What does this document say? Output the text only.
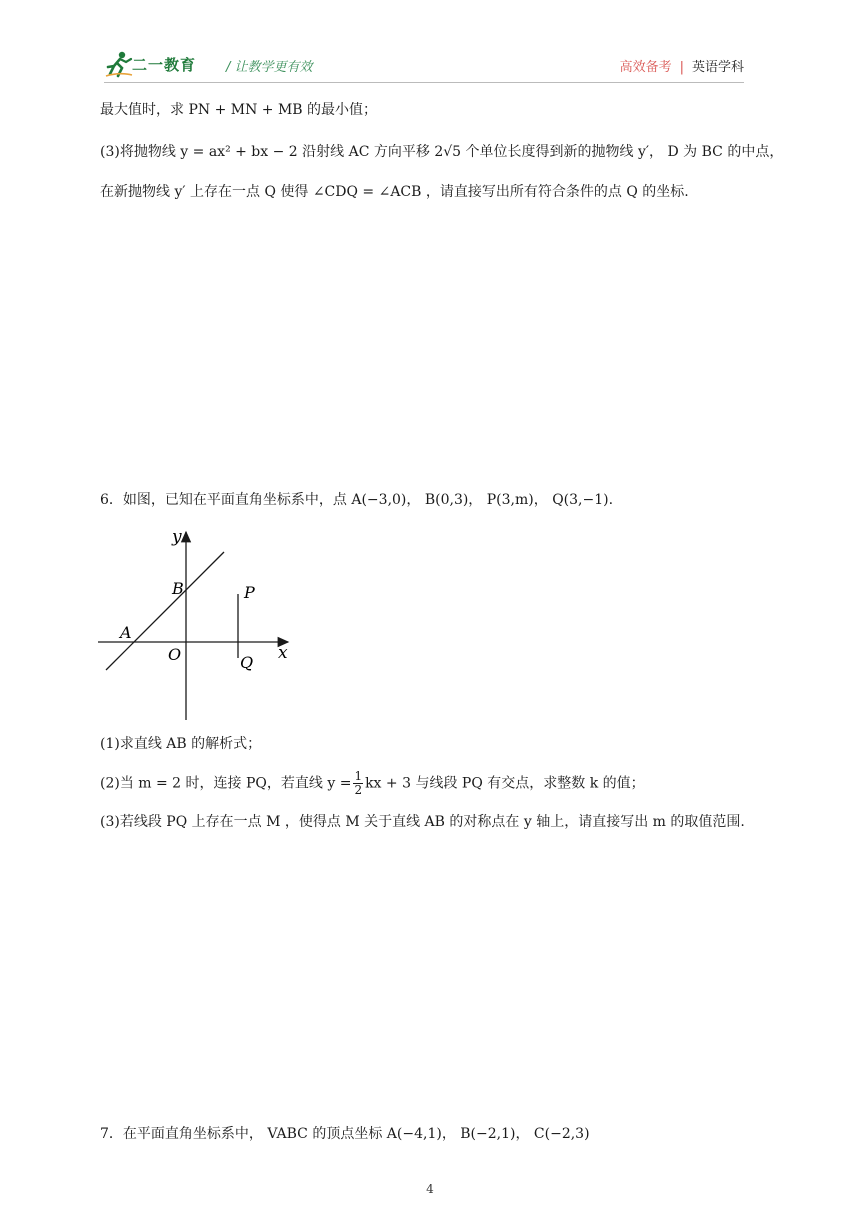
二一教育 / 让教学更有效	高效备考 | 英语学科
最大值时，求 PN + MN + MB 的最小值；
(3)将抛物线 y = ax² + bx − 2 沿射线 AC 方向平移 2√5 个单位长度得到新的抛物线 y′， D 为 BC 的中点，
在新抛物线 y′ 上存在一点 Q 使得 ∠CDQ = ∠ACB ，请直接写出所有符合条件的点 Q 的坐标.
6．如图，已知在平面直角坐标系中，点 A(−3,0)， B(0,3)， P(3,m)， Q(3,−1).
y
x
O
A
B	P
Q
(1)求直线 AB 的解析式；
(2)当 m = 2 时，连接 PQ，若直线 $y = \frac{1}{2}$ kx + 3 与线段 PQ 有交点，求整数 k 的值；
(3)若线段 PQ 上存在一点 M ，使得点 M 关于直线 AB 的对称点在 y 轴上，请直接写出 m 的取值范围.
7．在平面直角坐标系中， VABC 的顶点坐标 A(−4,1)， B(−2,1)， C(−2,3)
4
